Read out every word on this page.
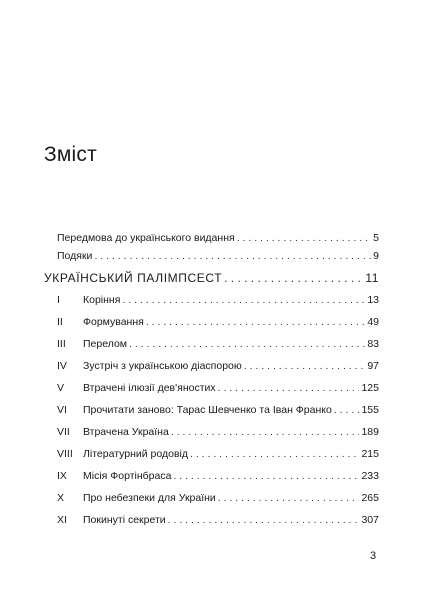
Зміст
Передмова до українського видання . . .	5
Подяки . . .	9
УКРАЇНСЬКИЙ ПАЛІМПСЕСТ . . .	11
I	Коріння . . .	13
II	Формування . . .	49
III	Перелом . . .	83
IV	Зустріч з українською діаспорою . . .	97
V	Втрачені ілюзії дев'яностих . . .	125
VI	Прочитати заново: Тарас Шевченко та Іван Франко . . .	155
VII	Втрачена Україна . . .	189
VIII Літературний родовід . . .	215
IX	Місія Фортінбраса . . .	233
X	Про небезпеки для України . . .	265
XI	Покинуті секрети . . .	307

3
